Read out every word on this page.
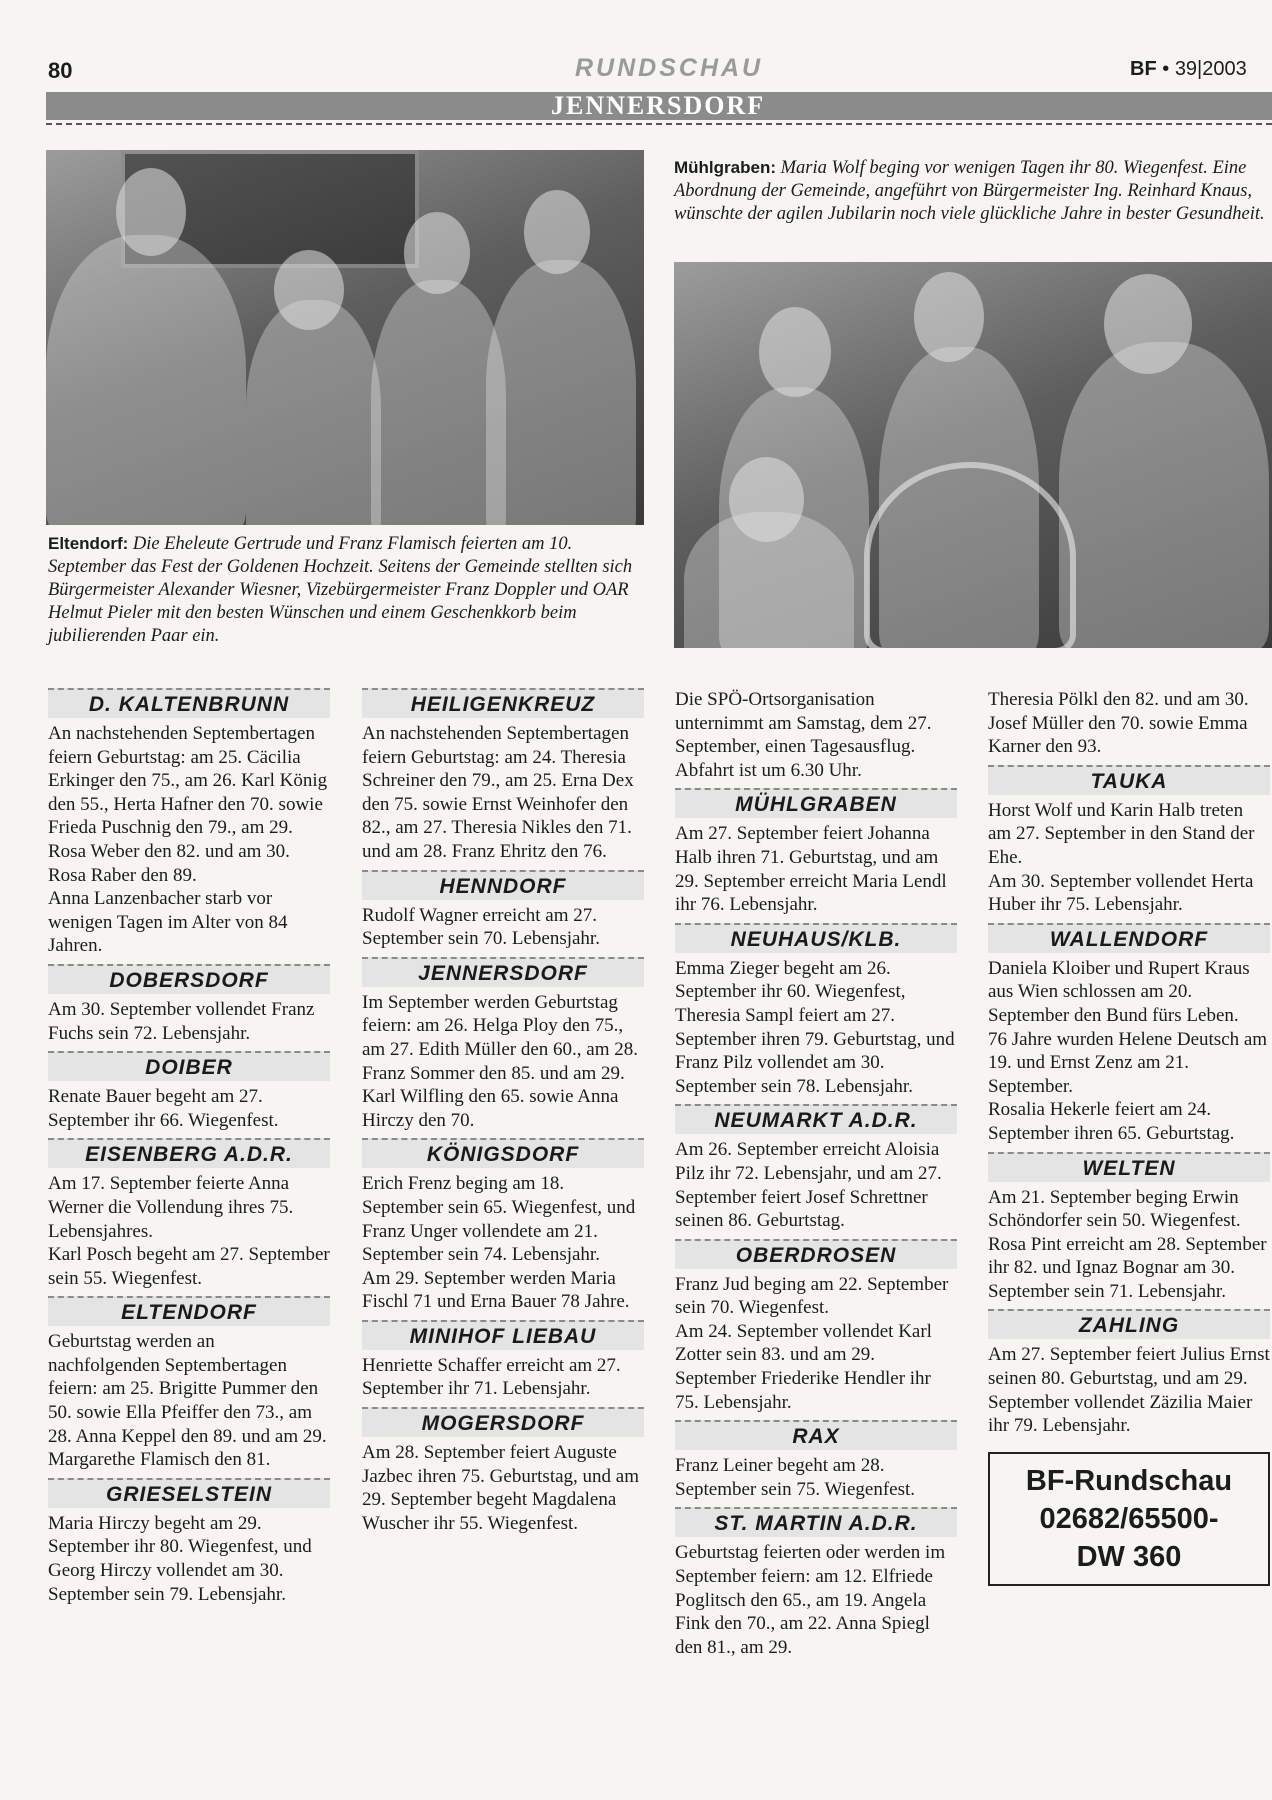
80	RUNDSCHAU	BF • 39|2003
JENNERSDORF
Eltendorf: Die Eheleute Gertrude und Franz Flamisch feierten am 10. September das Fest der Goldenen Hochzeit. Seitens der Gemeinde stellten sich Bürgermeister Alexander Wiesner, Vizebürgermeister Franz Doppler und OAR Helmut Pieler mit den besten Wünschen und einem Geschenkkorb beim jubilierenden Paar ein.
Mühlgraben: Maria Wolf beging vor wenigen Tagen ihr 80. Wiegenfest. Eine Abordnung der Gemeinde, angeführt von Bürgermeister Ing. Reinhard Knaus, wünschte der agilen Jubilarin noch viele glückliche Jahre in bester Gesundheit.
D. KALTENBRUNN

An nachstehenden Septembertagen feiern Geburtstag: am 25. Cäcilia Erkinger den 75., am 26. Karl König den 55., Herta Hafner den 70. sowie Frieda Puschnig den 79., am 29. Rosa Weber den 82. und am 30. Rosa Raber den 89.

Anna Lanzenbacher starb vor wenigen Tagen im Alter von 84 Jahren.

DOBERSDORF

Am 30. September vollendet Franz Fuchs sein 72. Lebensjahr.

DOIBER

Renate Bauer begeht am 27. September ihr 66. Wiegenfest.

EISENBERG A.D.R.

Am 17. September feierte Anna Werner die Vollendung ihres 75. Lebensjahres.

Karl Posch begeht am 27. September sein 55. Wiegenfest.

ELTENDORF

Geburtstag werden an nachfolgenden Septembertagen feiern: am 25. Brigitte Pummer den 50. sowie Ella Pfeiffer den 73., am 28. Anna Keppel den 89. und am 29. Margarethe Flamisch den 81.

GRIESELSTEIN

Maria Hirczy begeht am 29. September ihr 80. Wiegenfest, und Georg Hirczy vollendet am 30. September sein 79. Lebensjahr.

HEILIGENKREUZ

An nachstehenden Septembertagen feiern Geburtstag: am 24. Theresia Schreiner den 79., am 25. Erna Dex den 75. sowie Ernst Weinhofer den 82., am 27. Theresia Nikles den 71. und am 28. Franz Ehritz den 76.

HENNDORF

Rudolf Wagner erreicht am 27. September sein 70. Lebensjahr.

JENNERSDORF

Im September werden Geburtstag feiern: am 26. Helga Ploy den 75., am 27. Edith Müller den 60., am 28. Franz Sommer den 85. und am 29. Karl Wilfling den 65. sowie Anna Hirczy den 70.

KÖNIGSDORF

Erich Frenz beging am 18. September sein 65. Wiegenfest, und Franz Unger vollendete am 21. September sein 74. Lebensjahr.

Am 29. September werden Maria Fischl 71 und Erna Bauer 78 Jahre.

MINIHOF LIEBAU

Henriette Schaffer erreicht am 27. September ihr 71. Lebensjahr.

MOGERSDORF

Am 28. September feiert Auguste Jazbec ihren 75. Geburtstag, und am 29. September begeht Magdalena Wuscher ihr 55. Wiegenfest.

Die SPÖ-Ortsorganisation unternimmt am Samstag, dem 27. September, einen Tagesausflug. Abfahrt ist um 6.30 Uhr.

MÜHLGRABEN

Am 27. September feiert Johanna Halb ihren 71. Geburtstag, und am 29. September erreicht Maria Lendl ihr 76. Lebensjahr.

NEUHAUS/KLB.

Emma Zieger begeht am 26. September ihr 60. Wiegenfest, Theresia Sampl feiert am 27. September ihren 79. Geburtstag, und Franz Pilz vollendet am 30. September sein 78. Lebensjahr.

NEUMARKT A.D.R.

Am 26. September erreicht Aloisia Pilz ihr 72. Lebensjahr, und am 27. September feiert Josef Schrettner seinen 86. Geburtstag.

OBERDROSEN

Franz Jud beging am 22. September sein 70. Wiegenfest.

Am 24. September vollendet Karl Zotter sein 83. und am 29. September Friederike Hendler ihr 75. Lebensjahr.

RAX

Franz Leiner begeht am 28. September sein 75. Wiegenfest.

ST. MARTIN A.D.R.

Geburtstag feierten oder werden im September feiern: am 12. Elfriede Poglitsch den 65., am 19. Angela Fink den 70., am 22. Anna Spiegl den 81., am 29.

Theresia Pölkl den 82. und am 30. Josef Müller den 70. sowie Emma Karner den 93.

TAUKA

Horst Wolf und Karin Halb treten am 27. September in den Stand der Ehe.

Am 30. September vollendet Herta Huber ihr 75. Lebensjahr.

WALLENDORF

Daniela Kloiber und Rupert Kraus aus Wien schlossen am 20. September den Bund fürs Leben.

76 Jahre wurden Helene Deutsch am 19. und Ernst Zenz am 21. September.

Rosalia Hekerle feiert am 24. September ihren 65. Geburtstag.

WELTEN

Am 21. September beging Erwin Schöndorfer sein 50. Wiegenfest.

Rosa Pint erreicht am 28. September ihr 82. und Ignaz Bognar am 30. September sein 71. Lebensjahr.

ZAHLING

Am 27. September feiert Julius Ernst seinen 80. Geburtstag, und am 29. September vollendet Zäzilia Maier ihr 79. Lebensjahr.

BF-Rundschau
02682/65500-
DW 360
